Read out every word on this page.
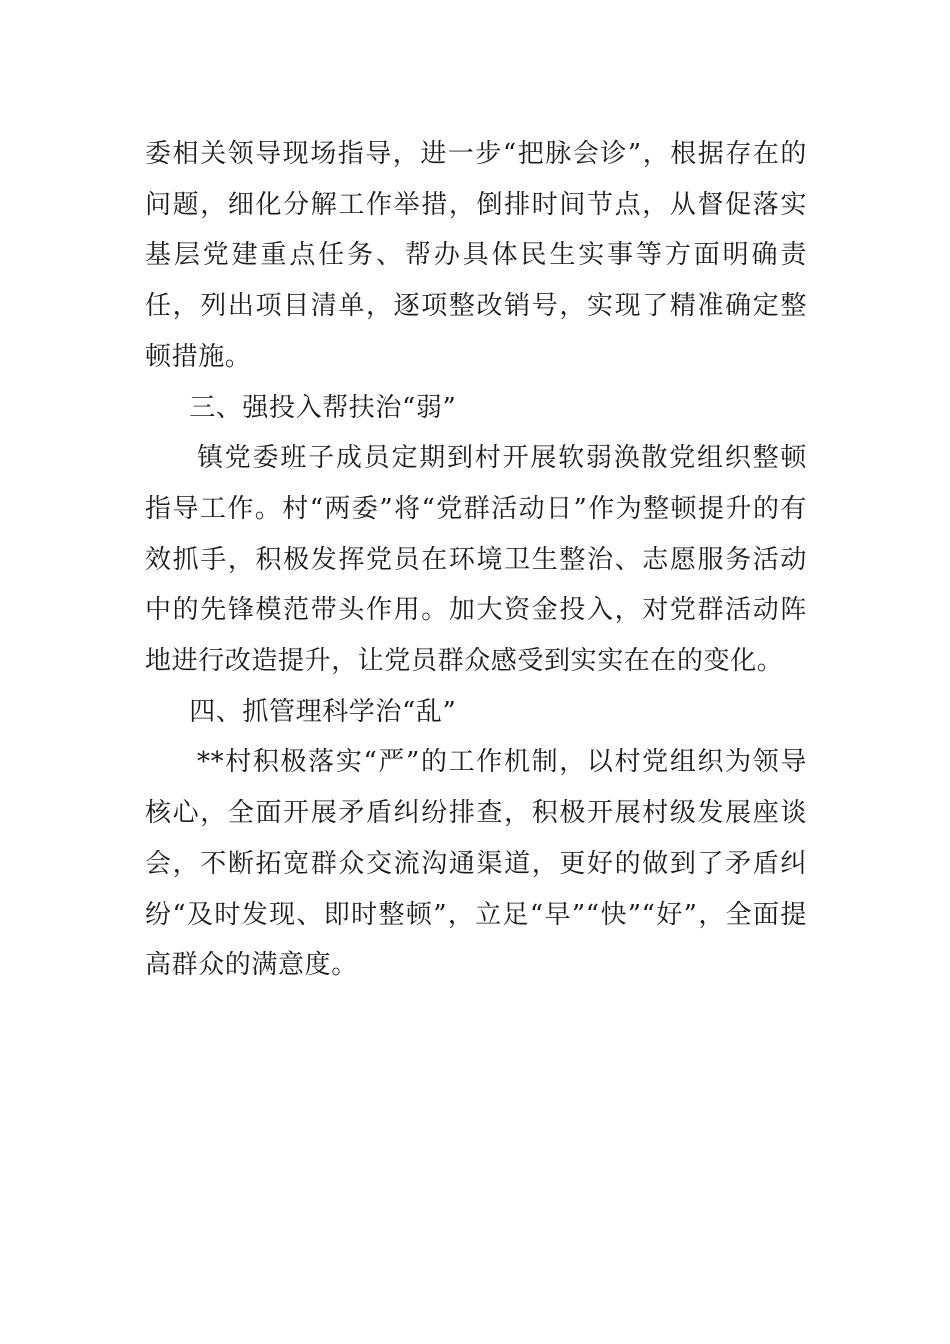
委相关领导现场指导，进一步“把脉会诊”，根据存在的问题，细化分解工作举措，倒排时间节点，从督促落实基层党建重点任务、帮办具体民生实事等方面明确责任，列出项目清单，逐项整改销号，实现了精准确定整顿措施。

三、强投入帮扶治“弱”

镇党委班子成员定期到村开展软弱涣散党组织整顿指导工作。村“两委”将“党群活动日”作为整顿提升的有效抓手，积极发挥党员在环境卫生整治、志愿服务活动中的先锋模范带头作用。加大资金投入，对党群活动阵地进行改造提升，让党员群众感受到实实在在的变化。

四、抓管理科学治“乱”

**村积极落实“严”的工作机制，以村党组织为领导核心，全面开展矛盾纠纷排查，积极开展村级发展座谈会，不断拓宽群众交流沟通渠道，更好的做到了矛盾纠纷“及时发现、即时整顿”，立足“早”“快”“好”，全面提高群众的满意度。
